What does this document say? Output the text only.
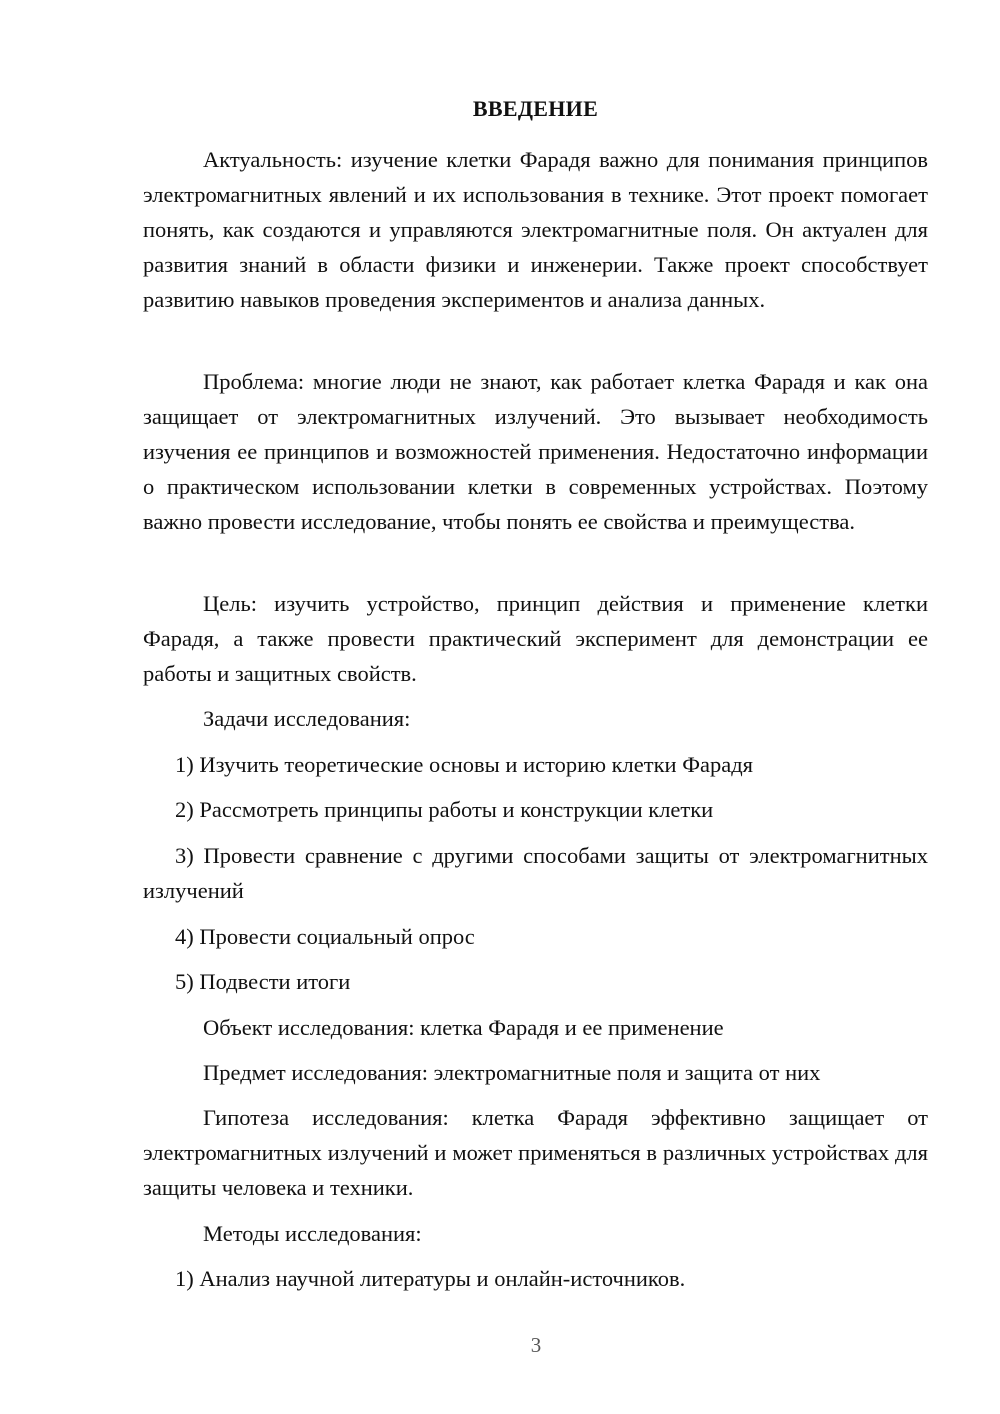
ВВЕДЕНИЕ

Актуальность: изучение клетки Фарадя важно для понимания принципов электромагнитных явлений и их использования в технике. Этот проект помогает понять, как создаются и управляются электромагнитные поля. Он актуален для развития знаний в области физики и инженерии. Также проект способствует развитию навыков проведения экспериментов и анализа данных.

Проблема: многие люди не знают, как работает клетка Фарадя и как она защищает от электромагнитных излучений. Это вызывает необходимость изучения ее принципов и возможностей применения. Недостаточно информации о практическом использовании клетки в современных устройствах. Поэтому важно провести исследование, чтобы понять ее свойства и преимущества.

Цель: изучить устройство, принцип действия и применение клетки Фарадя, а также провести практический эксперимент для демонстрации ее работы и защитных свойств.

Задачи исследования:

1) Изучить теоретические основы и историю клетки Фарадя

2) Рассмотреть принципы работы и конструкции клетки

3) Провести сравнение с другими способами защиты от электромагнитных излучений

4) Провести социальный опрос

5) Подвести итоги

Объект исследования: клетка Фарадя и ее применение

Предмет исследования: электромагнитные поля и защита от них

Гипотеза исследования: клетка Фарадя эффективно защищает от электромагнитных излучений и может применяться в различных устройствах для защиты человека и техники.

Методы исследования:

1) Анализ научной литературы и онлайн-источников.

3
